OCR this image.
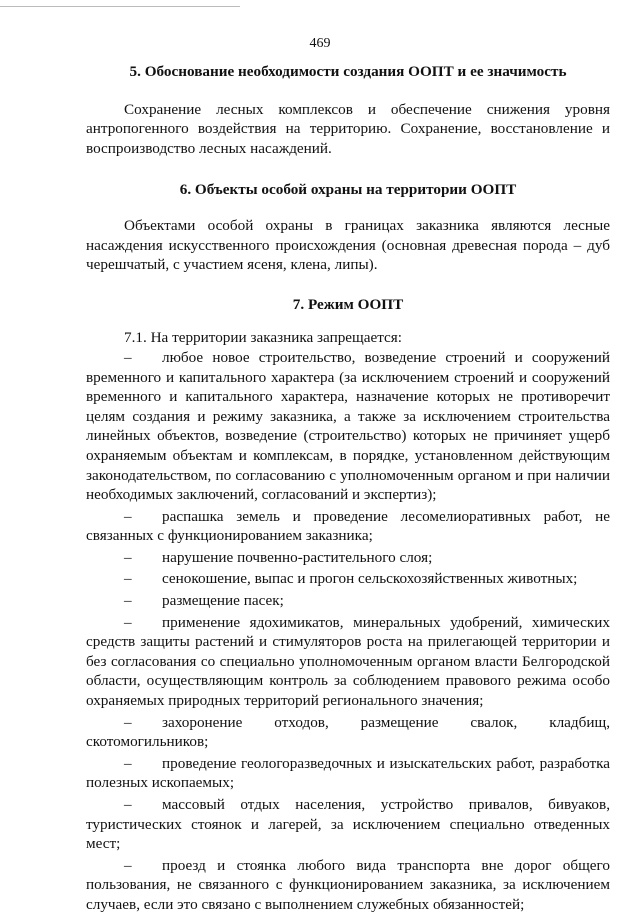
469

5. Обоснование необходимости создания ООПТ и ее значимость

Сохранение лесных комплексов и обеспечение снижения уровня антропогенного воздействия на территорию. Сохранение, восстановление и воспроизводство лесных насаждений.

6. Объекты особой охраны на территории ООПТ

Объектами особой охраны в границах заказника являются лесные насаждения искусственного происхождения (основная древесная порода – дуб черешчатый, с участием ясеня, клена, липы).

7. Режим ООПТ

7.1. На территории заказника запрещается:

– любое новое строительство, возведение строений и сооружений временного и капитального характера (за исключением строений и сооружений временного и капитального характера, назначение которых не противоречит целям создания и режиму заказника, а также за исключением строительства линейных объектов, возведение (строительство) которых не причиняет ущерб охраняемым объектам и комплексам, в порядке, установленном действующим законодательством, по согласованию с уполномоченным органом и при наличии необходимых заключений, согласований и экспертиз);

– распашка земель и проведение лесомелиоративных работ, не связанных с функционированием заказника;

– нарушение почвенно-растительного слоя;

– сенокошение, выпас и прогон сельскохозяйственных животных;

– размещение пасек;

– применение ядохимикатов, минеральных удобрений, химических средств защиты растений и стимуляторов роста на прилегающей территории и без согласования со специально уполномоченным органом власти Белгородской области, осуществляющим контроль за соблюдением правового режима особо охраняемых природных территорий регионального значения;

– захоронение отходов, размещение свалок, кладбищ, скотомогильников;

– проведение геологоразведочных и изыскательских работ, разработка полезных ископаемых;

– массовый отдых населения, устройство привалов, бивуаков, туристических стоянок и лагерей, за исключением специально отведенных мест;

– проезд и стоянка любого вида транспорта вне дорог общего пользования, не связанного с функционированием заказника, за исключением случаев, если это связано с выполнением служебных обязанностей;
